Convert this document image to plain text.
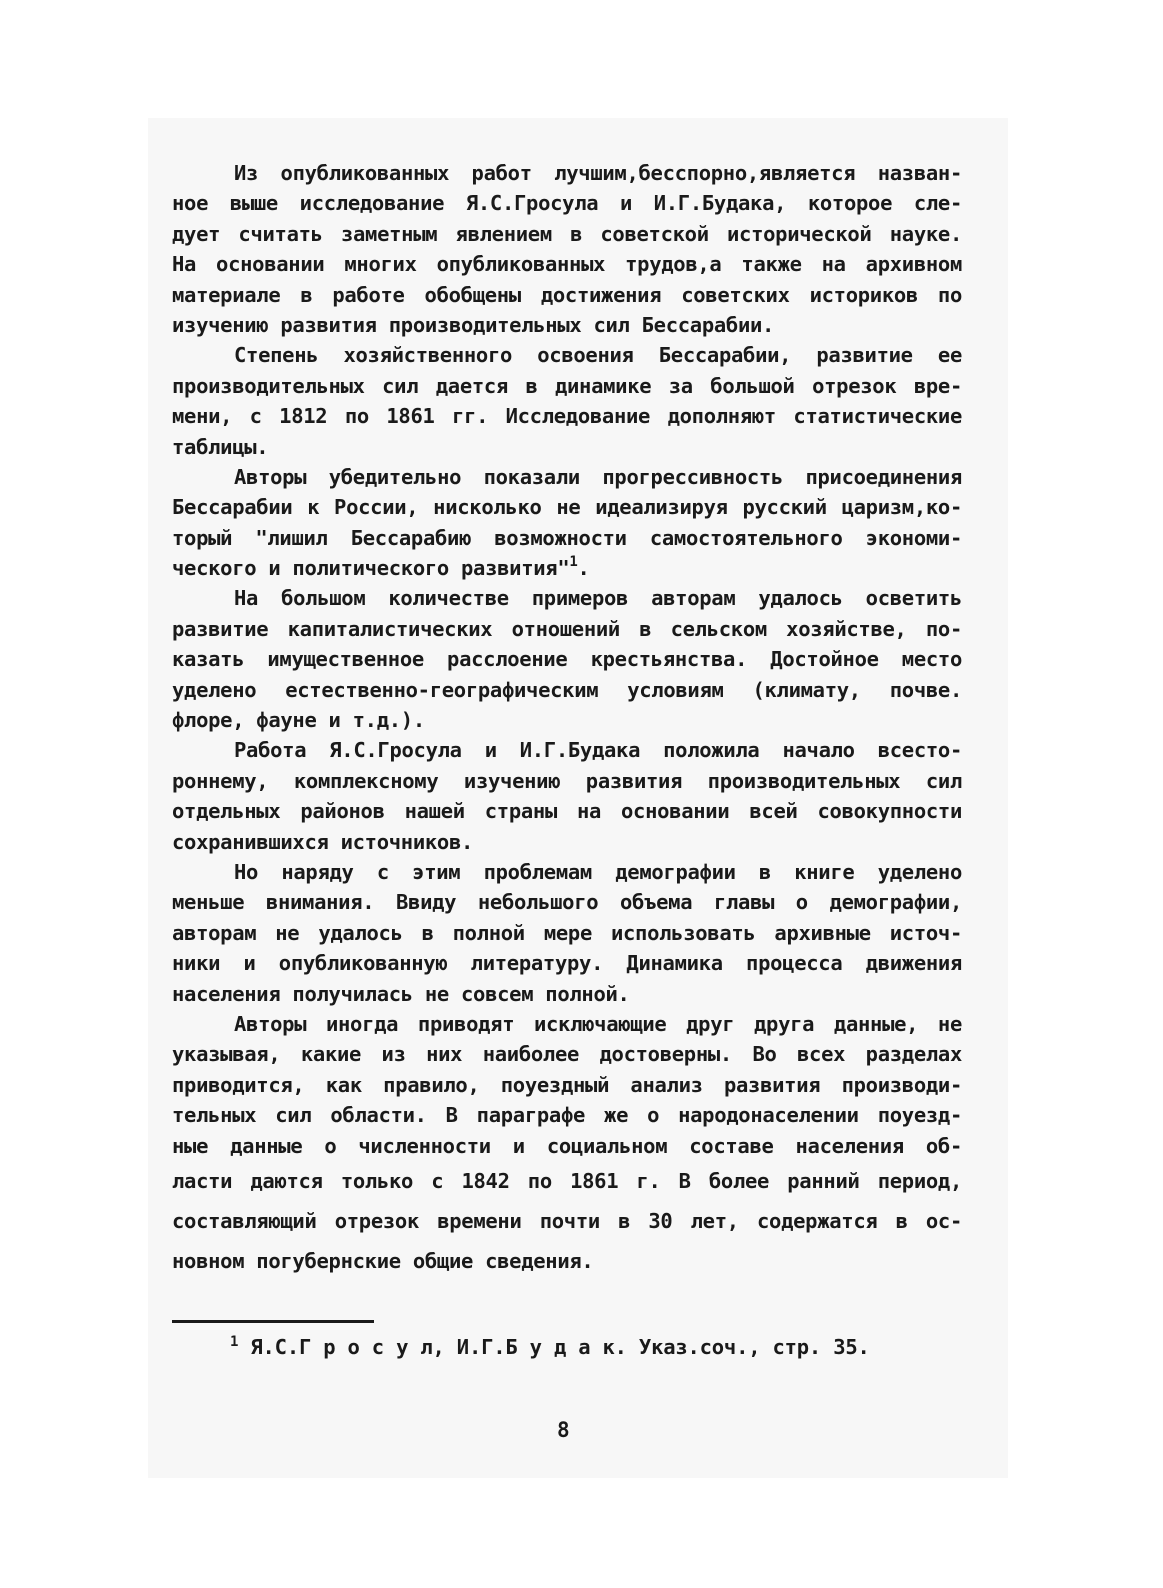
Из опубликованных работ лучшим,бесспорно,является назван-
ное выше исследование Я.С.Гросула и И.Г.Будака, которое сле-
дует считать заметным явлением в советской исторической науке.
На основании многих опубликованных трудов,а также на архивном
материале в работе обобщены достижения советских историков по
изучению развития производительных сил Бессарабии.
Степень хозяйственного освоения Бессарабии, развитие ее
производительных сил дается в динамике за большой отрезок вре-
мени, с 1812 по 1861 гг. Исследование дополняют статистические
таблицы.
Авторы убедительно показали прогрессивность присоединения
Бессарабии к России, нисколько не идеализируя русский царизм,ко-
торый "лишил Бессарабию возможности самостоятельного экономи-
ческого и политического развития"$^1$.
На большом количестве примеров авторам удалось осветить
развитие капиталистических отношений в сельском хозяйстве, по-
казать имущественное расслоение крестьянства. Достойное место
уделено естественно-географическим условиям (климату, почве.
флоре, фауне и т.д.).
Работа Я.С.Гросула и И.Г.Будака положила начало всесто-
роннему, комплексному изучению развития производительных сил
отдельных районов нашей страны на основании всей совокупности
сохранившихся источников.
Но наряду с этим проблемам демографии в книге уделено
меньше внимания. Ввиду небольшого объема главы о демографии,
авторам не удалось в полной мере использовать архивные источ-
ники и опубликованную литературу. Динамика процесса движения
населения получилась не совсем полной.
Авторы иногда приводят исключающие друг друга данные, не
указывая, какие из них наиболее достоверны. Во всех разделах
приводится, как правило, поуездный анализ развития производи-
тельных сил области. В параграфе же о народонаселении поуезд-
ные данные о численности и социальном составе населения об-
ласти даются только с 1842 по 1861 г. В более ранний период,
составляющий отрезок времени почти в 30 лет, содержатся в ос-
новном погубернские общие сведения.
$^1$ Я.С.Г р о с у л, И.Г.Б у д а к. Указ.соч., стр. 35.
8
